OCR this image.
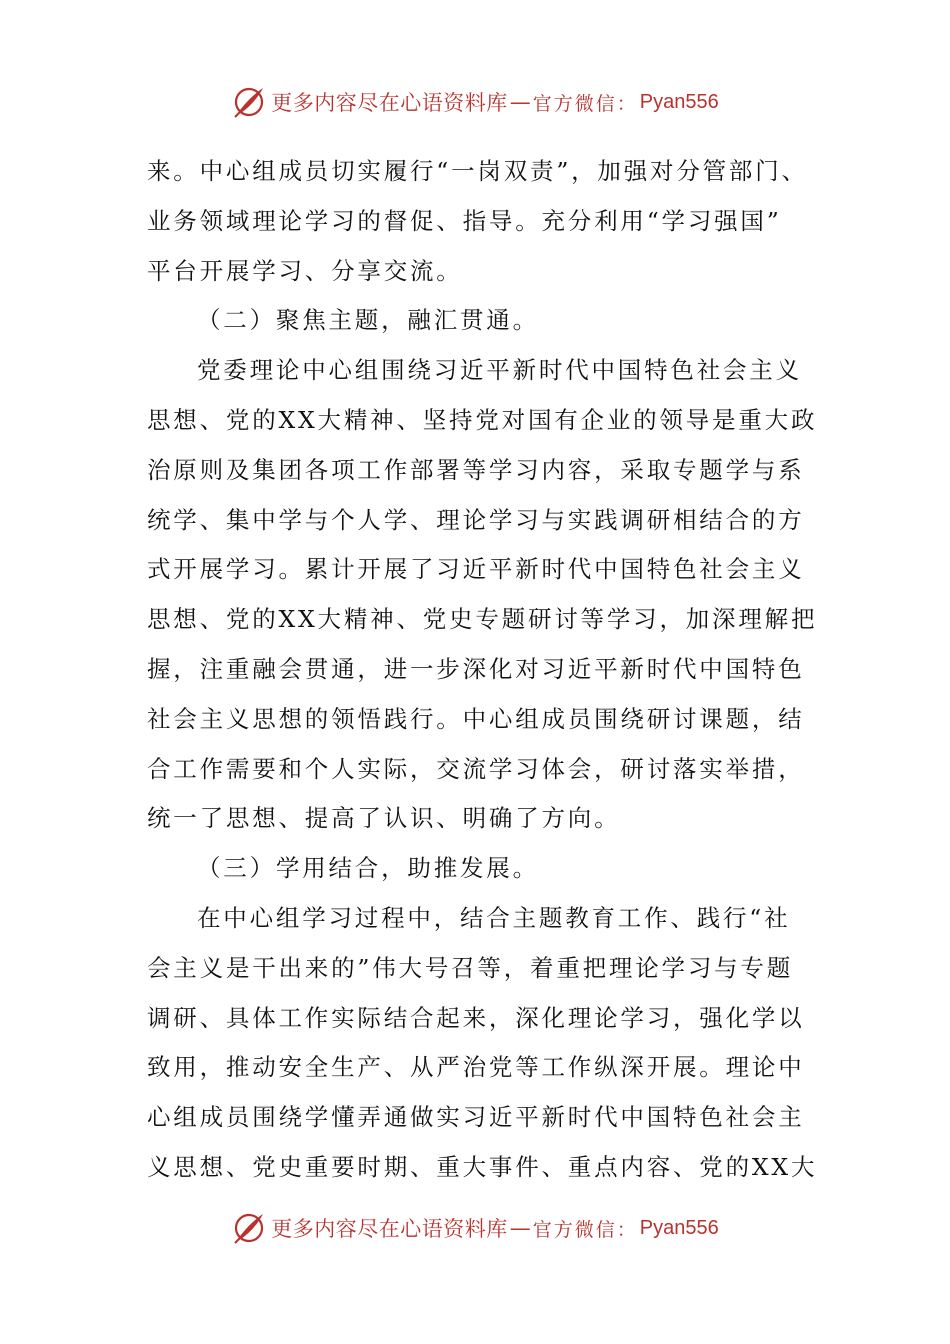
更多内容尽在心语资料库 — 官方微信： Pyan556
来。中心组成员切实履行“一岗双责”，加强对分管部门、
业务领域理论学习的督促、指导。充分利用“学习强国”
平台开展学习、分享交流。
（二）聚焦主题，融汇贯通。
党委理论中心组围绕习近平新时代中国特色社会主义
思想、党的XX大精神、坚持党对国有企业的领导是重大政
治原则及集团各项工作部署等学习内容，采取专题学与系
统学、集中学与个人学、理论学习与实践调研相结合的方
式开展学习。累计开展了习近平新时代中国特色社会主义
思想、党的XX大精神、党史专题研讨等学习，加深理解把
握，注重融会贯通，进一步深化对习近平新时代中国特色
社会主义思想的领悟践行。中心组成员围绕研讨课题，结
合工作需要和个人实际，交流学习体会，研讨落实举措，
统一了思想、提高了认识、明确了方向。
（三）学用结合，助推发展。
在中心组学习过程中，结合主题教育工作、践行“社
会主义是干出来的”伟大号召等，着重把理论学习与专题
调研、具体工作实际结合起来，深化理论学习，强化学以
致用，推动安全生产、从严治党等工作纵深开展。理论中
心组成员围绕学懂弄通做实习近平新时代中国特色社会主
义思想、党史重要时期、重大事件、重点内容、党的XX大
更多内容尽在心语资料库 — 官方微信： Pyan556
